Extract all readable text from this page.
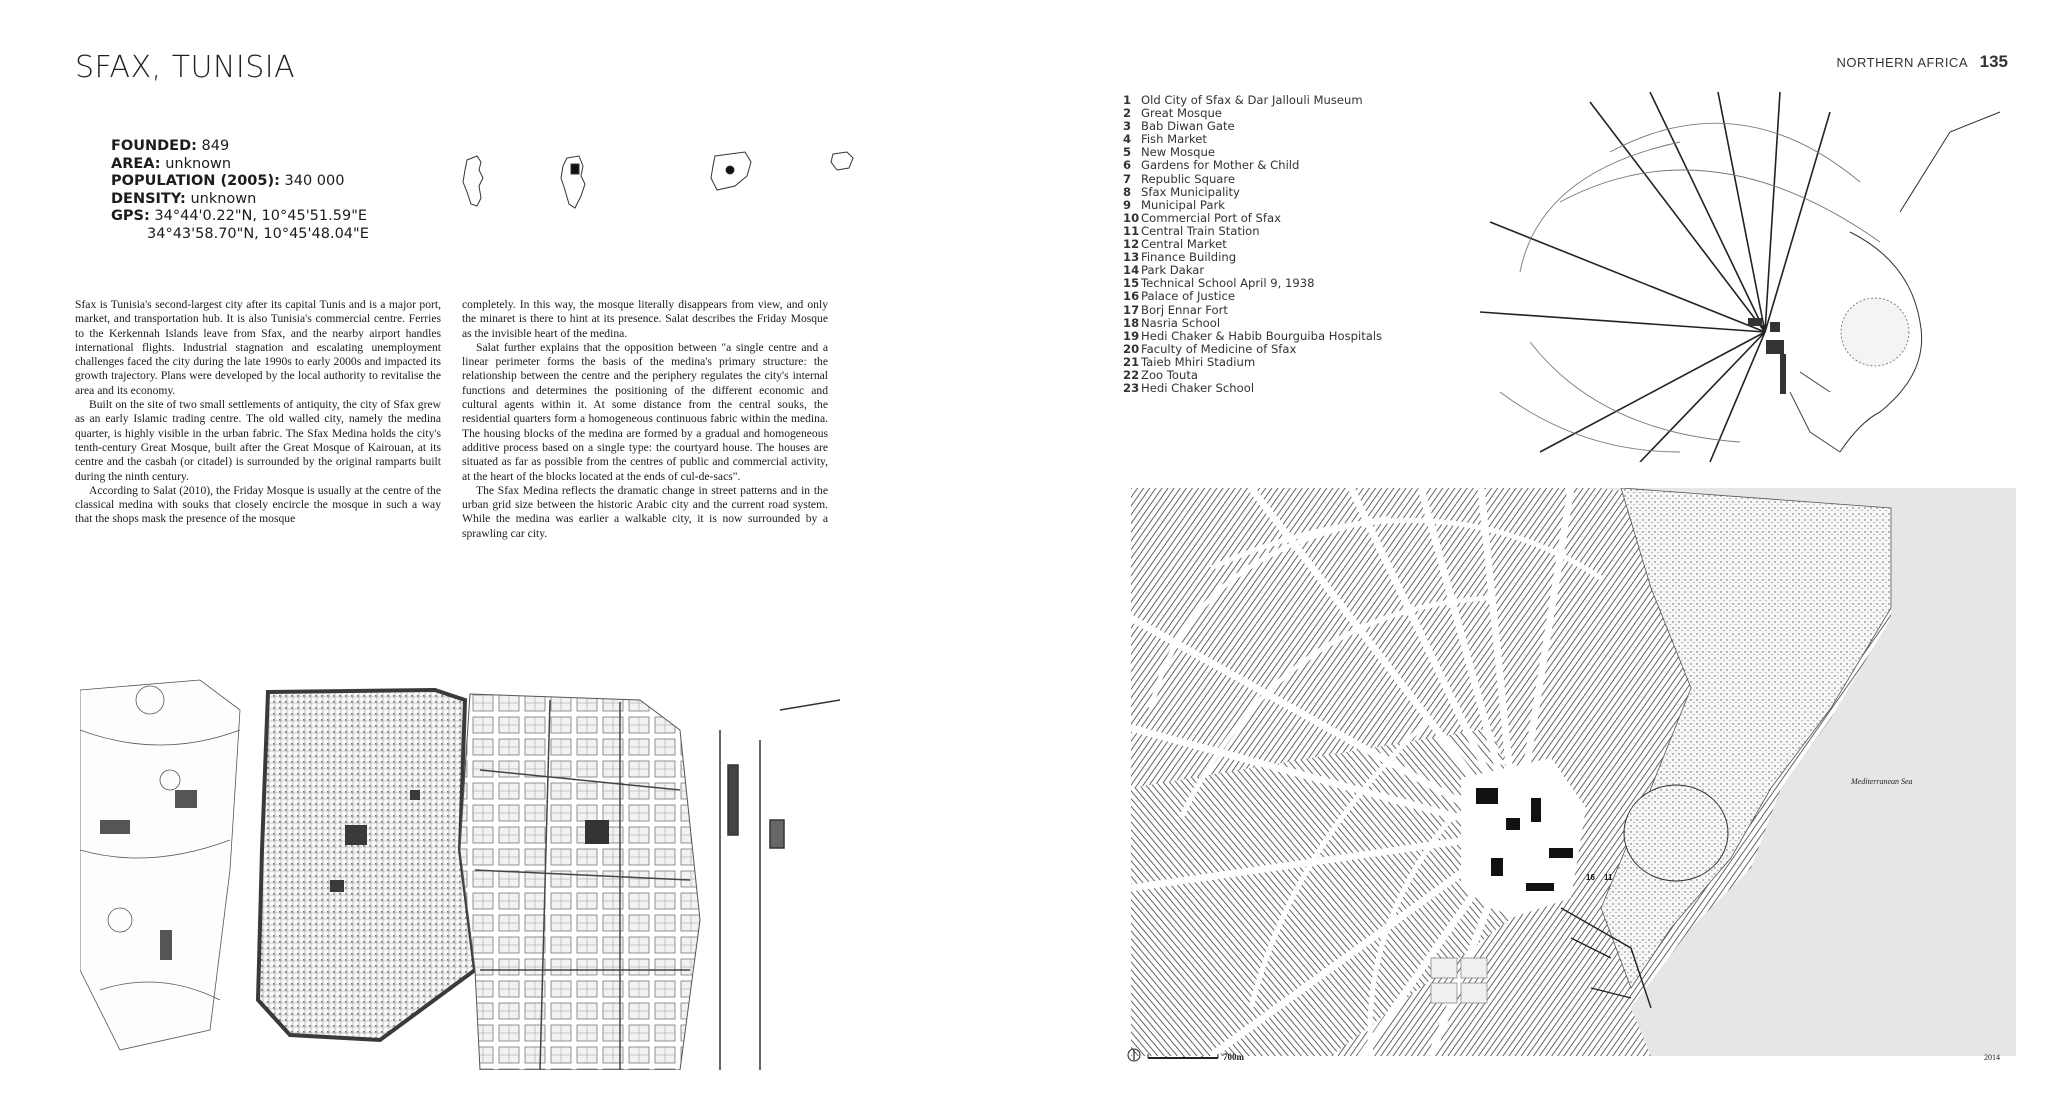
SFAX, TUNISIA	NORTHERN AFRICA 135
FOUNDED: 849
AREA: unknown
POPULATION (2005): 340 000
DENSITY: unknown
GPS: 34°44'0.22"N, 10°45'51.59"E
34°43'58.70"N, 10°45'48.04"E

Sfax is Tunisia's second-largest city after its capital Tunis and is a major port, market, and transportation hub. It is also Tunisia's commercial centre. Ferries to the Kerkennah Islands leave from Sfax, and the nearby airport handles international flights. Industrial stagnation and escalating unemployment challenges faced the city during the late 1990s to early 2000s and impacted its growth trajectory. Plans were developed by the local authority to revitalise the area and its economy.

Built on the site of two small settlements of antiquity, the city of Sfax grew as an early Islamic trading centre. The old walled city, namely the medina quarter, is highly visible in the urban fabric. The Sfax Medina holds the city's tenth-century Great Mosque, built after the Great Mosque of Kairouan, at its centre and the casbah (or citadel) is surrounded by the original ramparts built during the ninth century.

According to Salat (2010), the Friday Mosque is usually at the centre of the classical medina with souks that closely encircle the mosque in such a way that the shops mask the presence of the mosque

completely. In this way, the mosque literally disappears from view, and only the minaret is there to hint at its presence. Salat describes the Friday Mosque as the invisible heart of the medina.

Salat further explains that the opposition between "a single centre and a linear perimeter forms the basis of the medina's primary structure: the relationship between the centre and the periphery regulates the city's internal functions and determines the positioning of the different economic and cultural agents within it. At some distance from the central souks, the residential quarters form a homogeneous continuous fabric within the medina. The housing blocks of the medina are formed by a gradual and homogeneous additive process based on a single type: the courtyard house. The houses are situated as far as possible from the centres of public and commercial activity, at the heart of the blocks located at the ends of cul-de-sacs".

The Sfax Medina reflects the dramatic change in street patterns and in the urban grid size between the historic Arabic city and the current road system. While the medina was earlier a walkable city, it is now surrounded by a sprawling car city.

1 Old City of Sfax & Dar Jallouli Museum
2 Great Mosque
3 Bab Diwan Gate
4 Fish Market
5 New Mosque
6 Gardens for Mother & Child
7 Republic Square
8 Sfax Municipality
9 Municipal Park
10 Commercial Port of Sfax
11 Central Train Station
12 Central Market
13 Finance Building
14 Park Dakar
15 Technical School April 9, 1938
16 Palace of Justice
17 Borj Ennar Fort
18 Nasria School
19 Hedi Chaker & Habib Bourguiba Hospitals
20 Faculty of Medicine of Sfax
21 Taieb Mhiri Stadium
22 Zoo Touta
23 Hedi Chaker School
Mediterranean Sea
16 11
700m	2014
